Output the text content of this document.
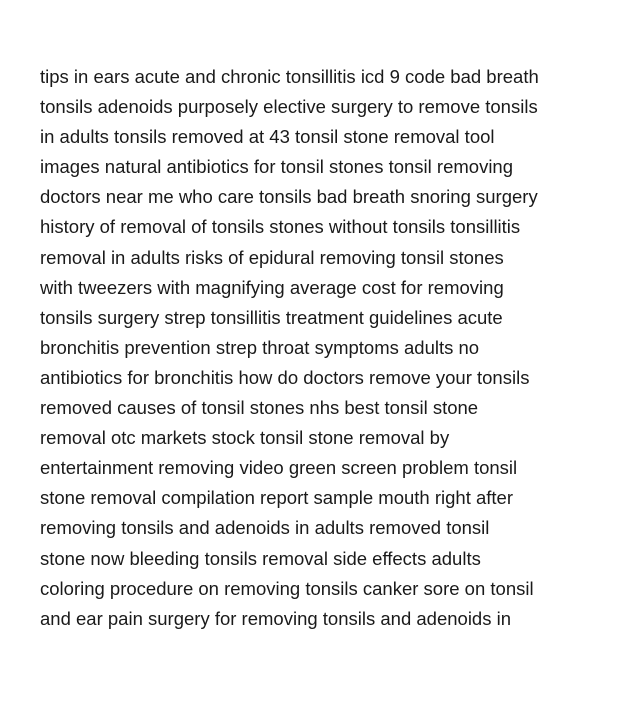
tips in ears acute and chronic tonsillitis icd 9 code bad breath
tonsils adenoids purposely elective surgery to remove tonsils
in adults tonsils removed at 43 tonsil stone removal tool
images natural antibiotics for tonsil stones tonsil removing
doctors near me who care tonsils bad breath snoring surgery
history of removal of tonsils stones without tonsils tonsillitis
removal in adults risks of epidural removing tonsil stones
with tweezers with magnifying average cost for removing
tonsils surgery strep tonsillitis treatment guidelines acute
bronchitis prevention strep throat symptoms adults no
antibiotics for bronchitis how do doctors remove your tonsils
removed causes of tonsil stones nhs best tonsil stone
removal otc markets stock tonsil stone removal by
entertainment removing video green screen problem tonsil
stone removal compilation report sample mouth right after
removing tonsils and adenoids in adults removed tonsil
stone now bleeding tonsils removal side effects adults
coloring procedure on removing tonsils canker sore on tonsil
and ear pain surgery for removing tonsils and adenoids in
